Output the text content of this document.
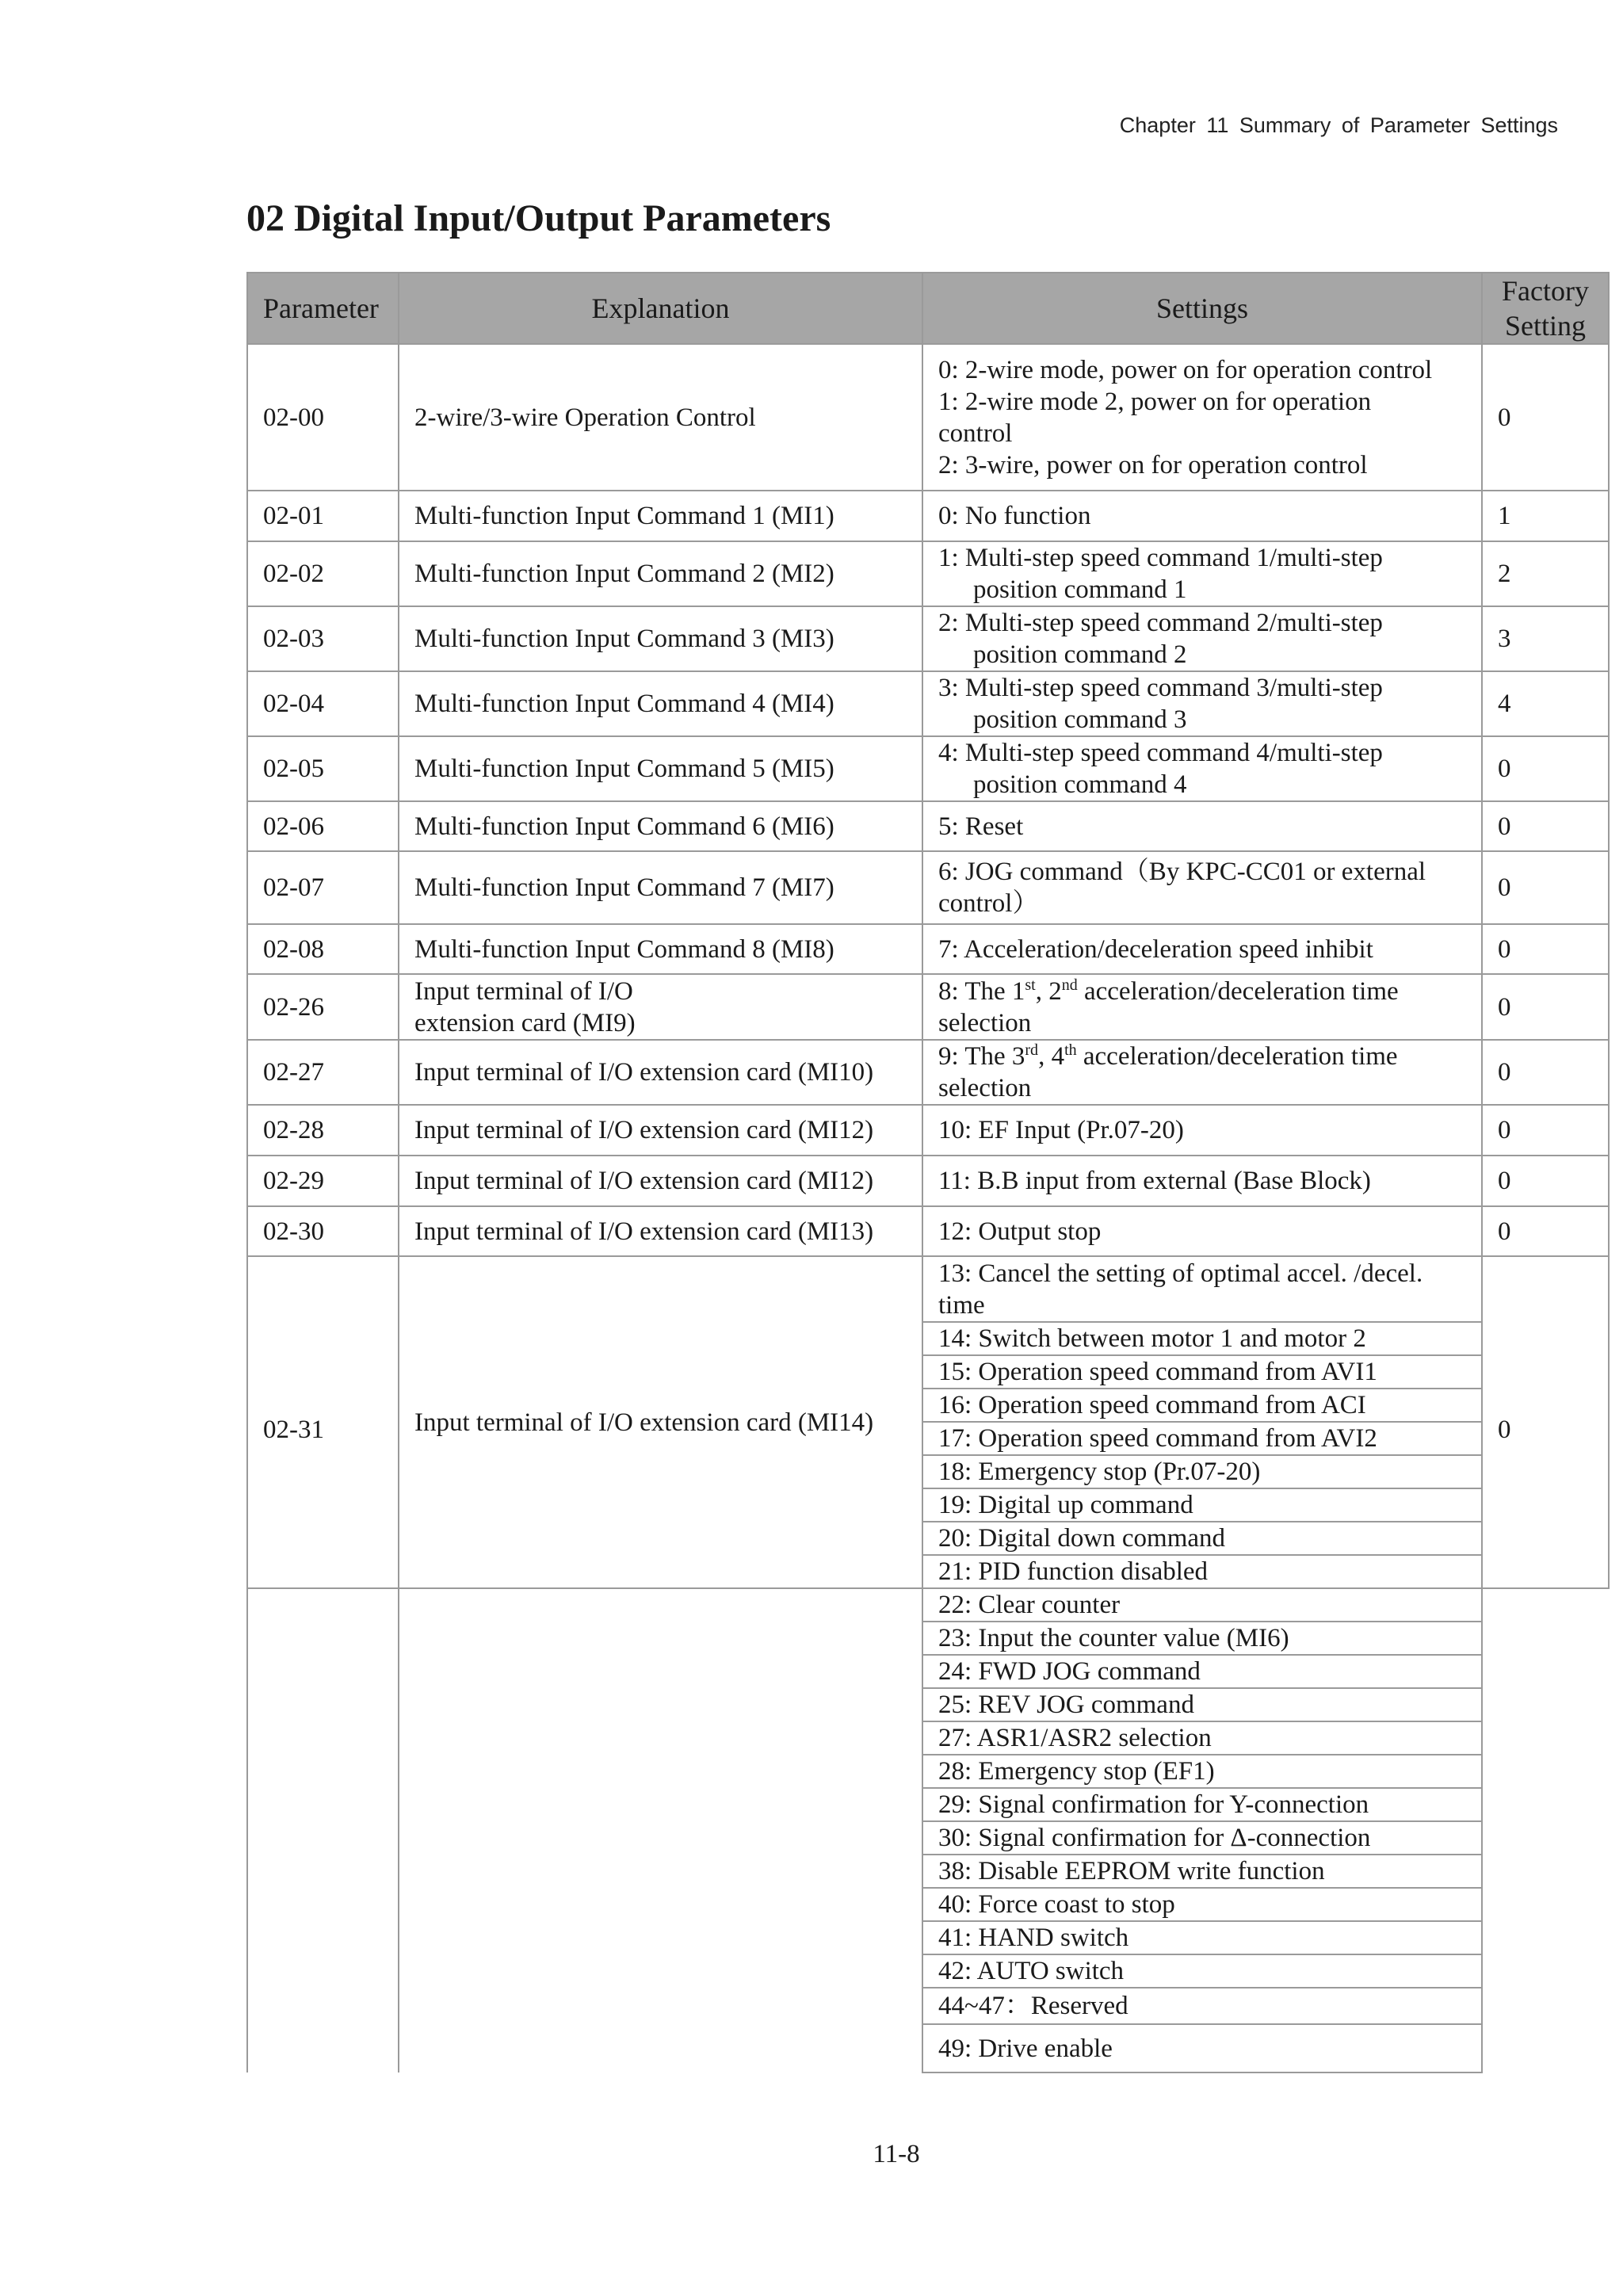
Chapter 11 Summary of Parameter Settings
02 Digital Input/Output Parameters
Parameter	Explanation	Settings	Factory
Setting
02-00	2-wire/3-wire Operation Control	0: 2-wire mode, power on for operation control
1: 2-wire mode 2, power on for operation
control
2: 3-wire, power on for operation control	0
02-01	Multi-function Input Command 1 (MI1)	0: No function	1
02-02	Multi-function Input Command 2 (MI2)	1: Multi-step speed command 1/multi-step
position command 1	2
02-03	Multi-function Input Command 3 (MI3)	2: Multi-step speed command 2/multi-step
position command 2	3
02-04	Multi-function Input Command 4 (MI4)	3: Multi-step speed command 3/multi-step
position command 3	4
02-05	Multi-function Input Command 5 (MI5)	4: Multi-step speed command 4/multi-step
position command 4	0
02-06	Multi-function Input Command 6 (MI6)	5: Reset	0
02-07	Multi-function Input Command 7 (MI7)	6: JOG command（By KPC-CC01 or external
control）	0
02-08	Multi-function Input Command 8 (MI8)	7: Acceleration/deceleration speed inhibit	0
02-26	Input terminal of I/O
extension card (MI9)	8: The 1st, 2nd acceleration/deceleration time
selection	0
02-27	Input terminal of I/O extension card (MI10)	9: The 3rd, 4th acceleration/deceleration time
selection	0
02-28	Input terminal of I/O extension card (MI12)	10: EF Input (Pr.07-20)	0
02-29	Input terminal of I/O extension card (MI12)	11: B.B input from external (Base Block)	0
02-30	Input terminal of I/O extension card (MI13)	12: Output stop	0
02-31	Input terminal of I/O extension card (MI14)	13: Cancel the setting of optimal accel. /decel.
time	0
		14: Switch between motor 1 and motor 2	
		15: Operation speed command from AVI1	
		16: Operation speed command from ACI	
		17: Operation speed command from AVI2	
		18: Emergency stop (Pr.07-20)	
		19: Digital up command	
		20: Digital down command	
		21: PID function disabled	
		22: Clear counter	
		23: Input the counter value (MI6)	
		24: FWD JOG command	
		25: REV JOG command	
		27: ASR1/ASR2 selection	
		28: Emergency stop (EF1)	
		29: Signal confirmation for Y-connection	
		30: Signal confirmation for Δ-connection	
		38: Disable EEPROM write function	
		40: Force coast to stop	
		41: HAND switch	
		42: AUTO switch	
		44~47：Reserved	
		49: Drive enable	
11-8
